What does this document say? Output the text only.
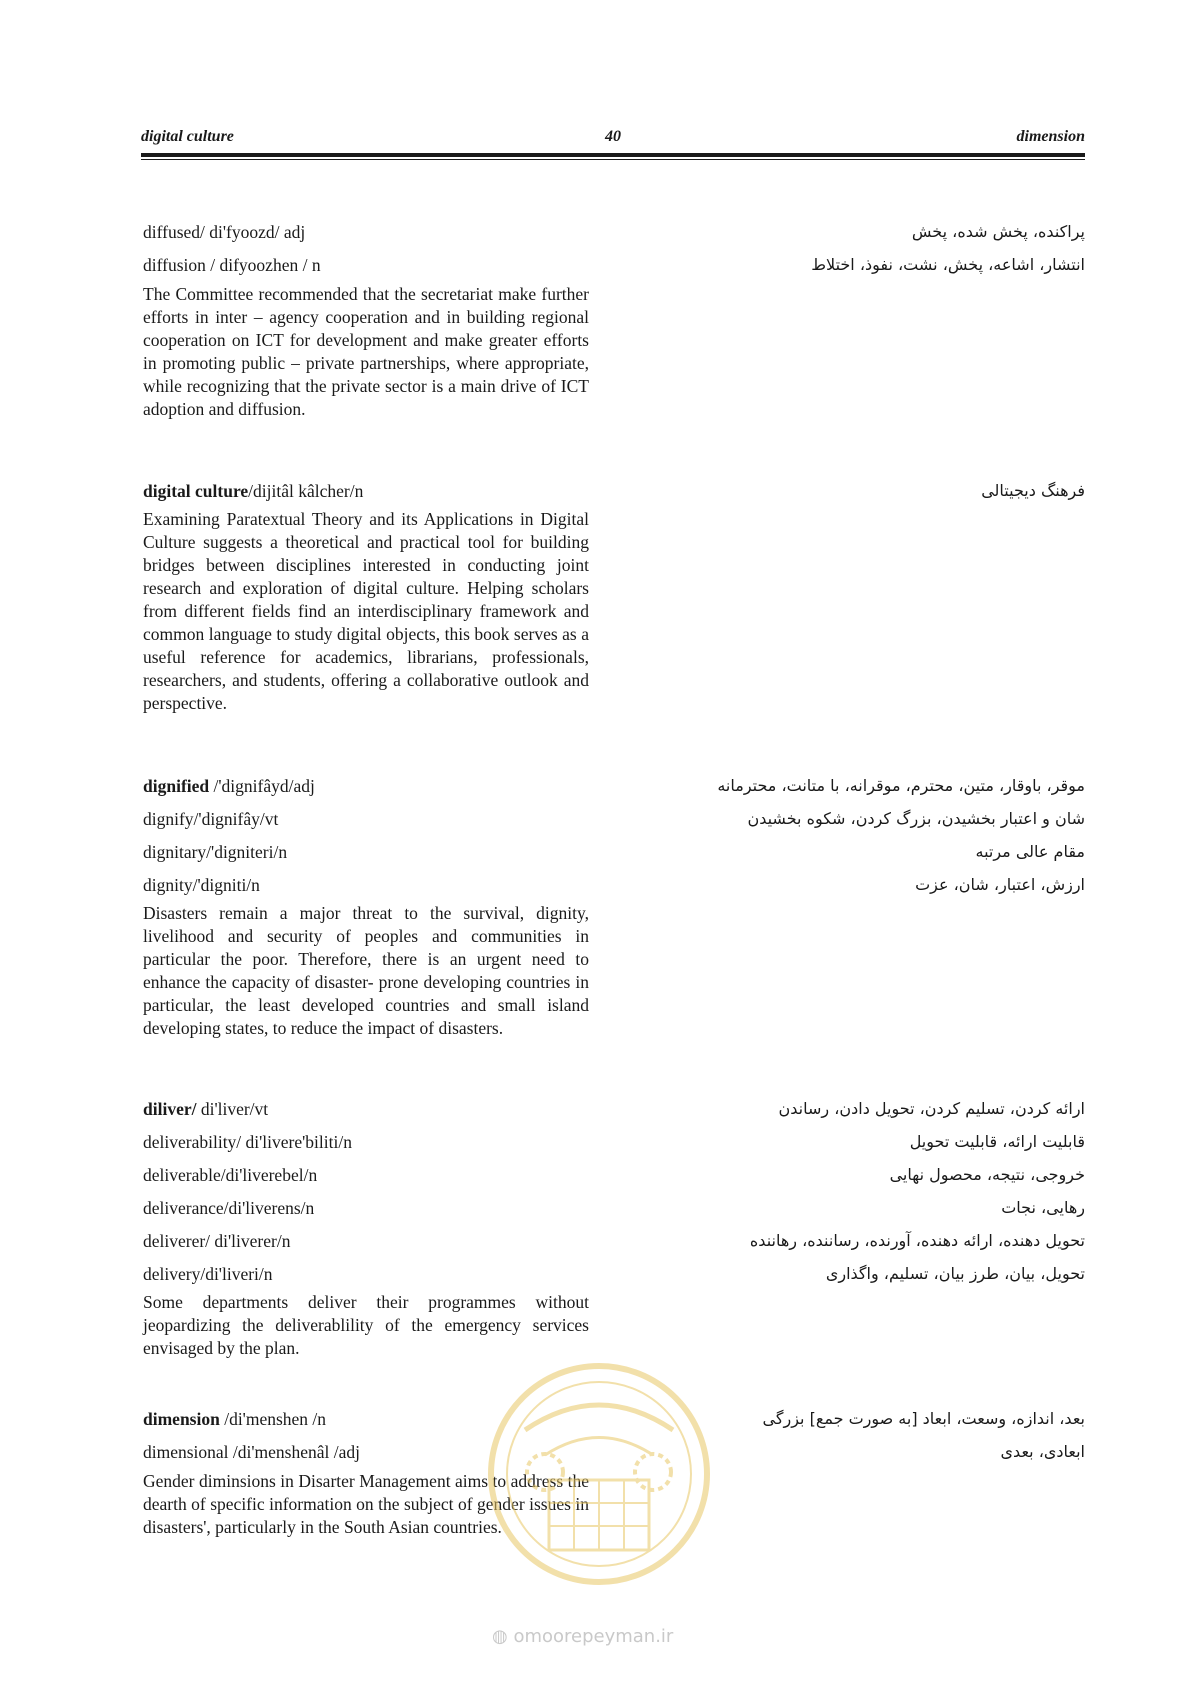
digital culture	40	dimension
diffused/ di'fyoozd/ adj	پراکنده، پخش شده، پخش
diffusion / difyoozhen / n	انتشار، اشاعه، پخش، نشت، نفوذ، اختلاط
The Committee recommended that the secretariat make further efforts in inter – agency cooperation and in building regional cooperation on ICT for development and make greater efforts in promoting public – private partnerships, where appropriate, while recognizing that the private sector is a main drive of ICT adoption and diffusion.
digital culture/dijitâl kâlcher/n	فرهنگ دیجیتالی
Examining Paratextual Theory and its Applications in Digital Culture suggests a theoretical and practical tool for building bridges between disciplines interested in conducting joint research and exploration of digital culture. Helping scholars from different fields find an interdisciplinary framework and common language to study digital objects, this book serves as a useful reference for academics, librarians, professionals, researchers, and students, offering a collaborative outlook and perspective.
dignified /'dignifâyd/adj	موقر، باوقار، متین، محترم، موقرانه، با متانت، محترمانه
dignify/'dignifây/vt	شان و اعتبار بخشیدن، بزرگ کردن، شکوه بخشیدن
dignitary/'digniteri/n	مقام عالی مرتبه
dignity/'digniti/n	ارزش، اعتبار، شان، عزت
Disasters remain a major threat to the survival, dignity, livelihood and security of peoples and communities in particular the poor. Therefore, there is an urgent need to enhance the capacity of disaster- prone developing countries in particular, the least developed countries and small island developing states, to reduce the impact of disasters.
diliver/ di'liver/vt	ارائه کردن، تسلیم کردن، تحویل دادن، رساندن
deliverability/ di'livere'biliti/n	قابلیت ارائه، قابلیت تحویل
deliverable/di'liverebel/n	خروجی، نتیجه، محصول نهایی
deliverance/di'liverens/n	رهایی، نجات
deliverer/ di'liverer/n	تحویل دهنده، ارائه دهنده، آورنده، رساننده، رهاننده
delivery/di'liveri/n	تحویل، بیان، طرز بیان، تسلیم، واگذاری
Some departments deliver their programmes without jeopardizing the deliverablility of the emergency services envisaged by the plan.
dimension /di'menshen /n	بعد، اندازه، وسعت، ابعاد [به صورت جمع] بزرگی
dimensional /di'menshenâl /adj	ابعادی، بعدی
Gender diminsions in Disarter Management aims to address the dearth of specific information on the subject of gender issues in disasters', particularly in the South Asian countries.
◍ omoorepeyman.ir
